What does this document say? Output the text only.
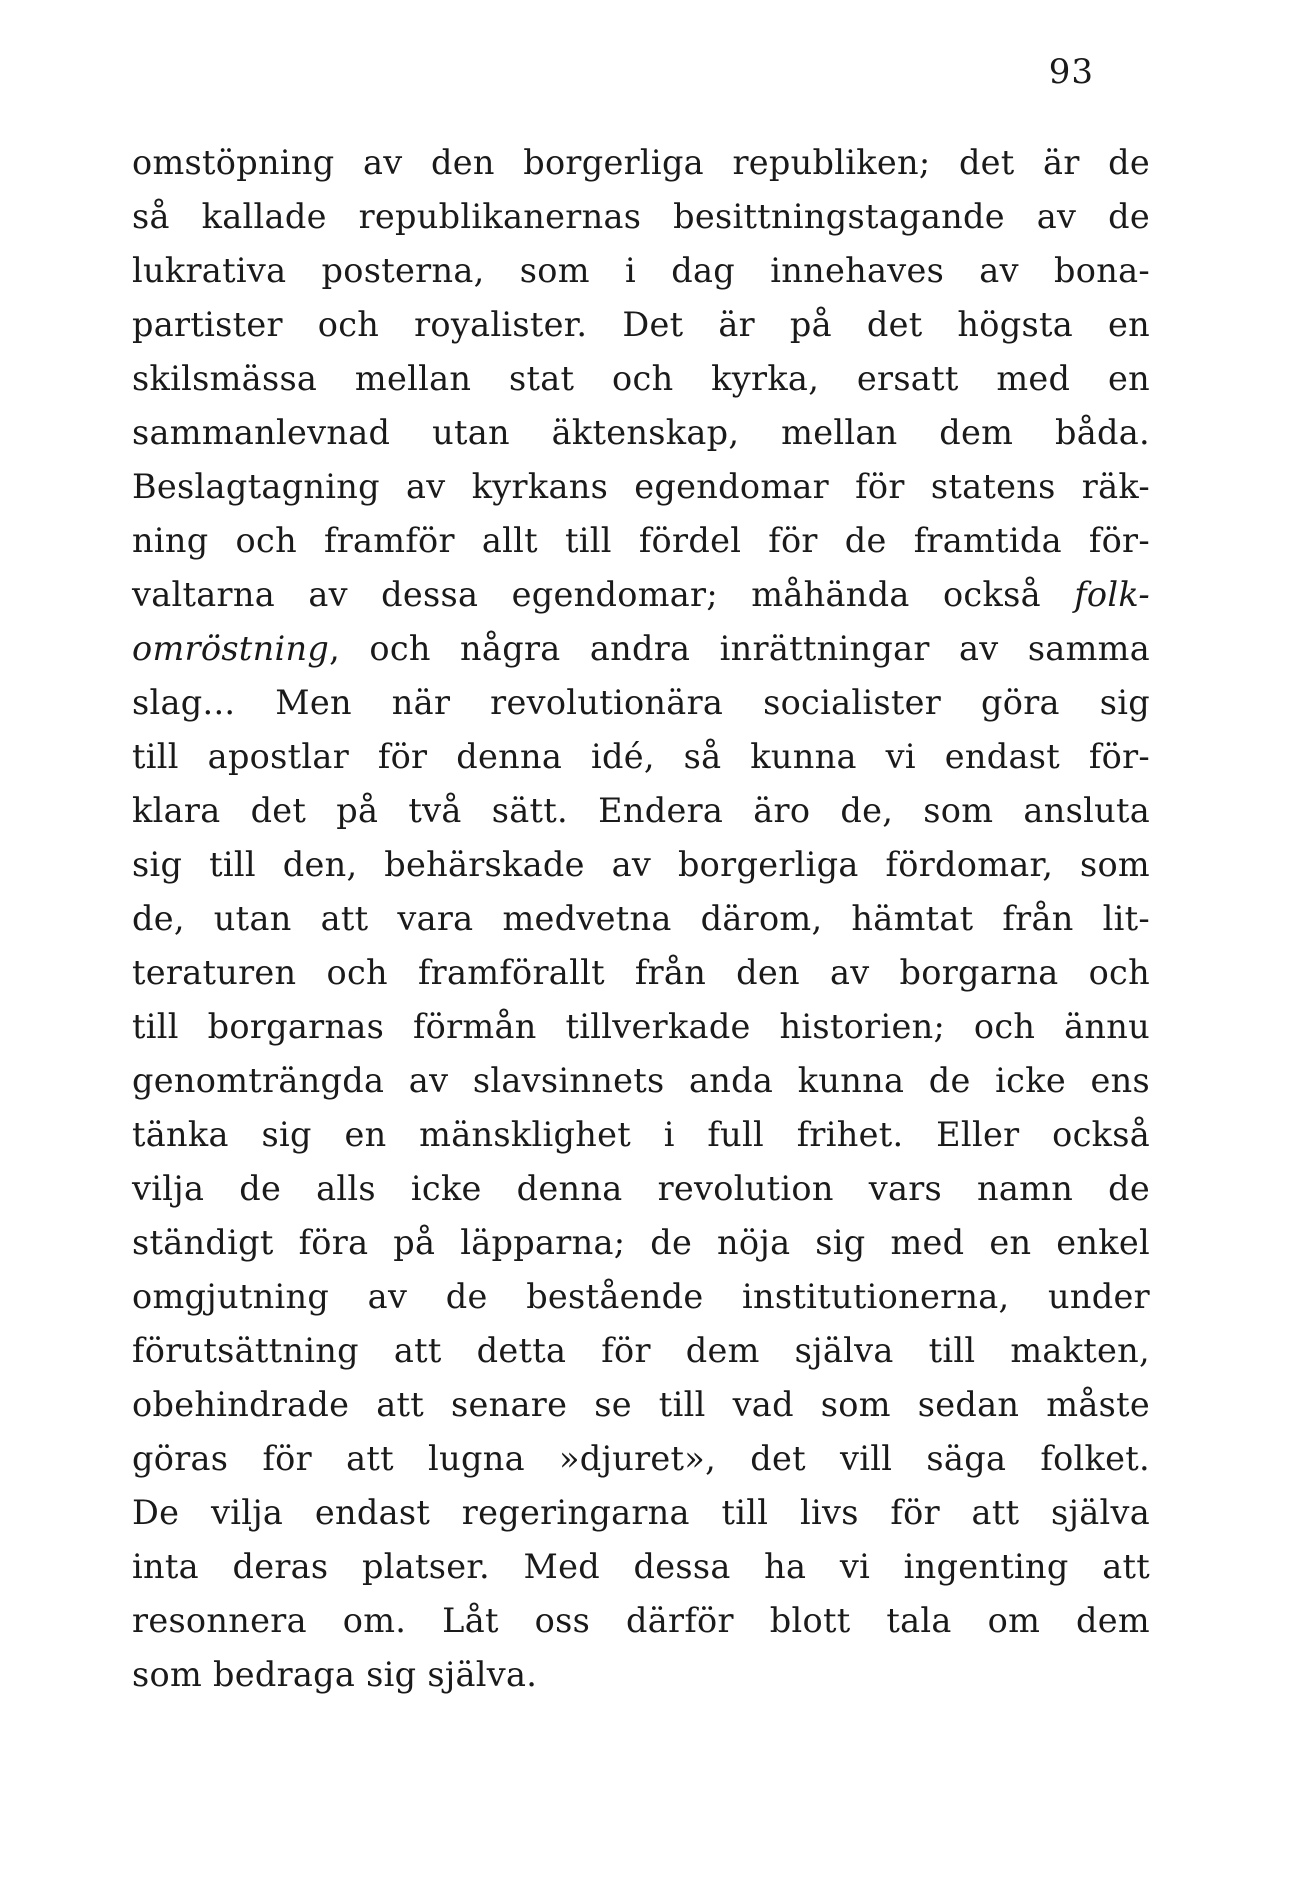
93
omstöpning av den borgerliga republiken; det är de
så kallade republikanernas besittningstagande av de
lukrativa posterna, som i dag innehaves av bona-
partister och royalister. Det är på det högsta en
skilsmässa mellan stat och kyrka, ersatt med en
sammanlevnad utan äktenskap, mellan dem båda.
Beslagtagning av kyrkans egendomar för statens räk-
ning och framför allt till fördel för de framtida för-
valtarna av dessa egendomar; måhända också folk-
omröstning, och några andra inrättningar av samma
slag... Men när revolutionära socialister göra sig
till apostlar för denna idé, så kunna vi endast för-
klara det på två sätt. Endera äro de, som ansluta
sig till den, behärskade av borgerliga fördomar, som
de, utan att vara medvetna därom, hämtat från lit-
teraturen och framförallt från den av borgarna och
till borgarnas förmån tillverkade historien; och ännu
genomträngda av slavsinnets anda kunna de icke ens
tänka sig en mänsklighet i full frihet. Eller också
vilja de alls icke denna revolution vars namn de
ständigt föra på läpparna; de nöja sig med en enkel
omgjutning av de bestående institutionerna, under
förutsättning att detta för dem själva till makten,
obehindrade att senare se till vad som sedan måste
göras för att lugna »djuret», det vill säga folket.
De vilja endast regeringarna till livs för att själva
inta deras platser. Med dessa ha vi ingenting att
resonnera om. Låt oss därför blott tala om dem
som bedraga sig själva.
